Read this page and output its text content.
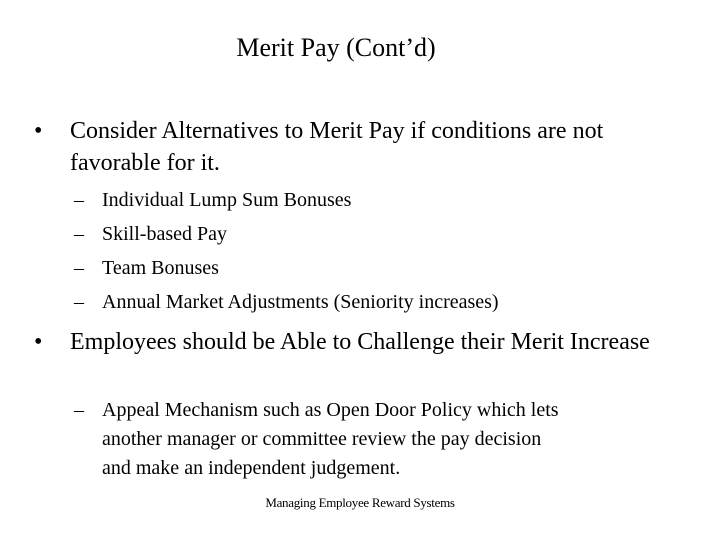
Merit Pay (Cont’d)
•	Consider Alternatives to Merit Pay if conditions are not favorable for it.
– Individual Lump Sum Bonuses
– Skill-based Pay
– Team Bonuses
– Annual Market Adjustments (Seniority increases)
•	Employees should be Able to Challenge their Merit Increase
– Appeal Mechanism such as Open Door Policy which lets
another manager or committee review the pay decision
and make an independent judgement.
Managing Employee Reward Systems
